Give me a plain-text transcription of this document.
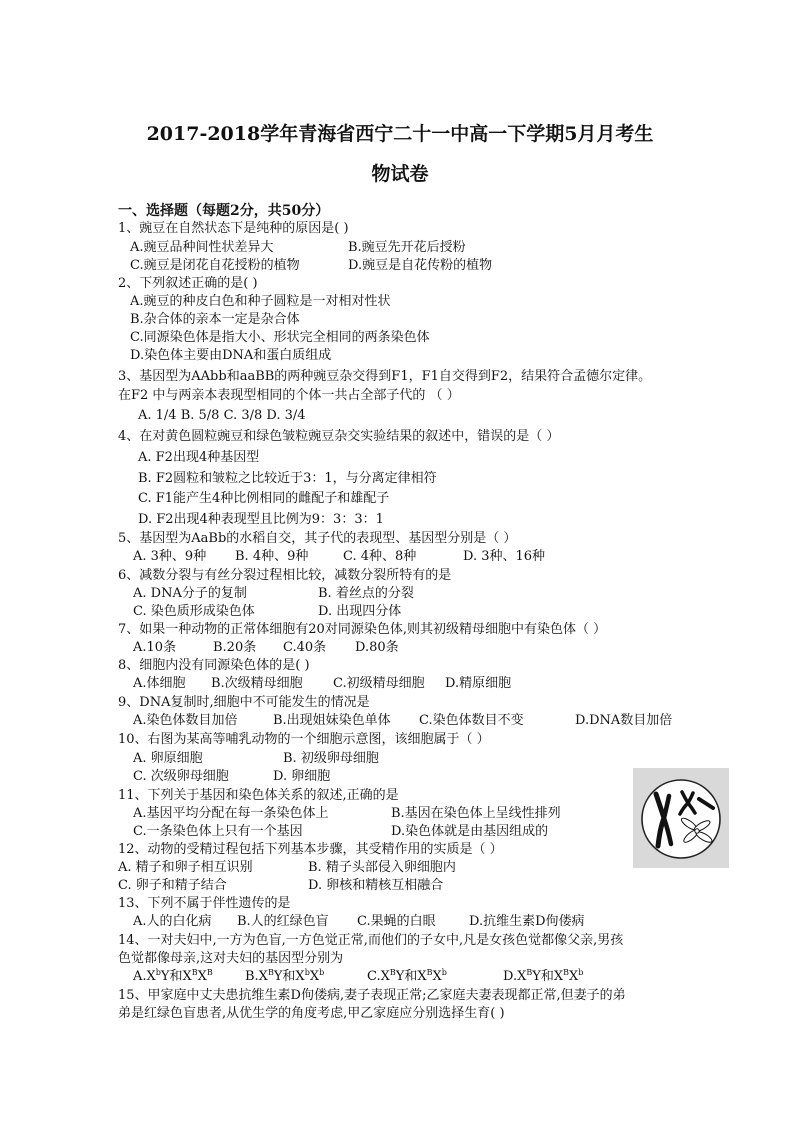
2017-2018学年青海省西宁二十一中高一下学期5月月考生
物试卷
一、选择题（每题2分，共50分）
1、豌豆在自然状态下是纯种的原因是( )
A.豌豆品种间性状差异大	B.豌豆先开花后授粉
C.豌豆是闭花自花授粉的植物	D.豌豆是自花传粉的植物
2、下列叙述正确的是( )
A.豌豆的种皮白色和种子圆粒是一对相对性状
B.杂合体的亲本一定是杂合体
C.同源染色体是指大小、形状完全相同的两条染色体
D.染色体主要由DNA和蛋白质组成
3、基因型为AAbb和aaBB的两种豌豆杂交得到F1，F1自交得到F2，结果符合孟德尔定律。
在F2 中与两亲本表现型相同的个体一共占全部子代的 （ ）
A. 1/4 B. 5/8 C. 3/8 D. 3/4
4、在对黄色圆粒豌豆和绿色皱粒豌豆杂交实验结果的叙述中，错误的是（ ）
A. F2出现4种基因型
B. F2圆粒和皱粒之比较近于3：1，与分离定律相符
C. F1能产生4种比例相同的雌配子和雄配子
D. F2出现4种表现型且比例为9：3：3：1
5、基因型为AaBb的水稻自交，其子代的表现型、基因型分别是（ ）
A. 3种、9种 B. 4种、9种	C. 4种、8种	D. 3种、16种
6、减数分裂与有丝分裂过程相比较，减数分裂所特有的是
A. DNA分子的复制	B. 着丝点的分裂
C. 染色质形成染色体	D. 出现四分体
7、如果一种动物的正常体细胞有20对同源染色体,则其初级精母细胞中有染色体（ ）
A.10条	B.20条 C.40条 D.80条
8、细胞内没有同源染色体的是( )
A.体细胞 B.次级精母细胞 C.初级精母细胞 D.精原细胞
9、DNA复制时,细胞中不可能发生的情况是
A.染色体数目加倍	B.出现姐妹染色单体 C.染色体数目不变	D.DNA数目加倍
10、右图为某高等哺乳动物的一个细胞示意图，该细胞属于（ ）
A. 卵原细胞	B. 初级卵母细胞
C. 次级卵母细胞	D. 卵细胞
11、下列关于基因和染色体关系的叙述,正确的是
A.基因平均分配在每一条染色体上	B.基因在染色体上呈线性排列
C.一条染色体上只有一个基因	D.染色体就是由基因组成的
12、动物的受精过程包括下列基本步骤，其受精作用的实质是（ ）
A. 精子和卵子相互识别	B. 精子头部侵入卵细胞内
C. 卵子和精子结合	D. 卵核和精核互相融合
13、下列不属于伴性遗传的是
A.人的白化病 B.人的红绿色盲 C.果蝇的白眼	D.抗维生素D佝偻病
14、一对夫妇中,一方为色盲,一方色觉正常,而他们的子女中,凡是女孩色觉都像父亲,男孩
色觉都像母亲,这对夫妇的基因型分别为
$A.X^bY$和$X^BX^B$ $B.X^BY$和$X^bX^b$	$C.X^BY$和$X^BX^b$	$D.X^BY$和$X^BX^b$
15、甲家庭中丈夫患抗维生素D佝偻病,妻子表现正常;乙家庭夫妻表现都正常,但妻子的弟
弟是红绿色盲患者,从优生学的角度考虑,甲乙家庭应分别选择生育( )
